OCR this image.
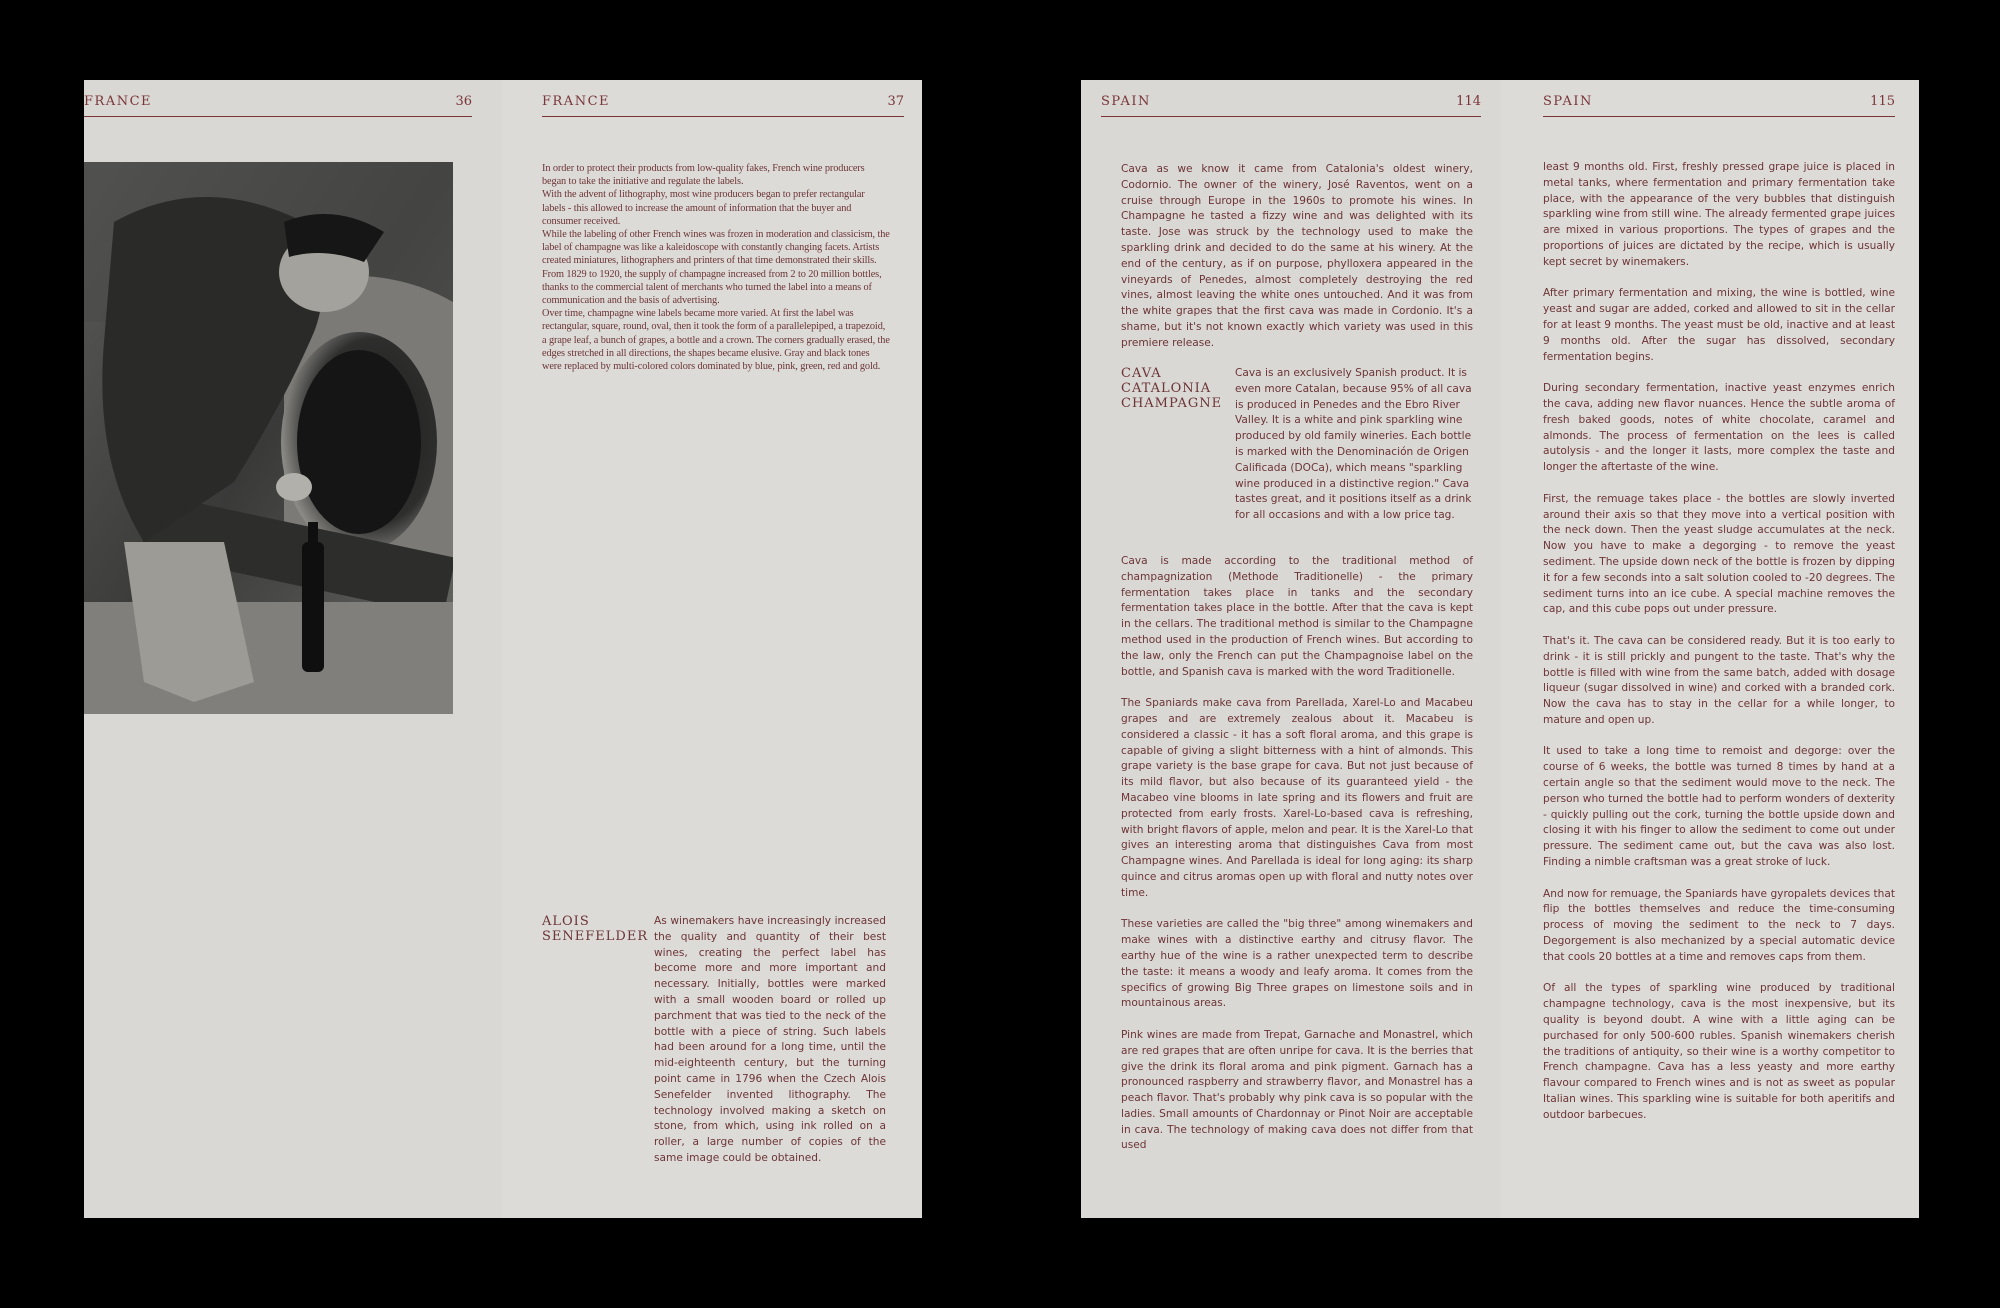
FRANCE	36	FRANCE	37
In order to protect their products from low-quality fakes, French wine producers began to take the initiative and regulate the labels.
With the advent of lithography, most wine producers began to prefer rectangular labels - this allowed to increase the amount of information that the buyer and consumer received.
While the labeling of other French wines was frozen in moderation and classicism, the label of champagne was like a kaleidoscope with constantly changing facets. Artists created miniatures, lithographers and printers of that time demonstrated their skills. From 1829 to 1920, the supply of champagne increased from 2 to 20 million bottles, thanks to the commercial talent of merchants who turned the label into a means of communication and the basis of advertising.
Over time, champagne wine labels became more varied. At first the label was rectangular, square, round, oval, then it took the form of a parallelepiped, a trapezoid, a grape leaf, a bunch of grapes, a bottle and a crown. The corners gradually erased, the edges stretched in all directions, the shapes became elusive. Gray and black tones were replaced by multi-colored colors dominated by blue, pink, green, red and gold.
ALOIS
SENEFELDER
As winemakers have increasingly increased the quality and quantity of their best wines, creating the perfect label has become more and more important and necessary. Initially, bottles were marked with a small wooden board or rolled up parchment that was tied to the neck of the bottle with a piece of string. Such labels had been around for a long time, until the mid-eighteenth century, but the turning point came in 1796 when the Czech Alois Senefelder invented lithography. The technology involved making a sketch on stone, from which, using ink rolled on a roller, a large number of copies of the same image could be obtained.
SPAIN	114

Cava as we know it came from Catalonia's oldest winery, Codornio. The owner of the winery, José Raventos, went on a cruise through Europe in the 1960s to promote his wines. In Champagne he tasted a fizzy wine and was delighted with its taste. Jose was struck by the technology used to make the sparkling drink and decided to do the same at his winery. At the end of the century, as if on purpose, phylloxera appeared in the vineyards of Penedes, almost completely destroying the red vines, almost leaving the white ones untouched. And it was from the white grapes that the first cava was made in Cordonio. It's a shame, but it's not known exactly which variety was used in this premiere release.

CAVA
CATALONIA
CHAMPAGNE
Cava is an exclusively Spanish product. It is even more Catalan, because 95% of all cava is produced in Penedes and the Ebro River Valley. It is a white and pink sparkling wine produced by old family wineries. Each bottle is marked with the Denominación de Origen Calificada (DOCa), which means "sparkling wine produced in a distinctive region." Cava tastes great, and it positions itself as a drink for all occasions and with a low price tag.

Cava is made according to the traditional method of champagnization (Methode Traditionelle) - the primary fermentation takes place in tanks and the secondary fermentation takes place in the bottle. After that the cava is kept in the cellars. The traditional method is similar to the Champagne method used in the production of French wines. But according to the law, only the French can put the Champagnoise label on the bottle, and Spanish cava is marked with the word Traditionelle.

The Spaniards make cava from Parellada, Xarel-Lo and Macabeu grapes and are extremely zealous about it. Macabeu is considered a classic - it has a soft floral aroma, and this grape is capable of giving a slight bitterness with a hint of almonds. This grape variety is the base grape for cava. But not just because of its mild flavor, but also because of its guaranteed yield - the Macabeo vine blooms in late spring and its flowers and fruit are protected from early frosts. Xarel-Lo-based cava is refreshing, with bright flavors of apple, melon and pear. It is the Xarel-Lo that gives an interesting aroma that distinguishes Cava from most Champagne wines. And Parellada is ideal for long aging: its sharp quince and citrus aromas open up with floral and nutty notes over time.

These varieties are called the "big three" among winemakers and make wines with a distinctive earthy and citrusy flavor. The earthy hue of the wine is a rather unexpected term to describe the taste: it means a woody and leafy aroma. It comes from the specifics of growing Big Three grapes on limestone soils and in mountainous areas.

Pink wines are made from Trepat, Garnache and Monastrel, which are red grapes that are often unripe for cava. It is the berries that give the drink its floral aroma and pink pigment. Garnach has a pronounced raspberry and strawberry flavor, and Monastrel has a peach flavor. That's probably why pink cava is so popular with the ladies. Small amounts of Chardonnay or Pinot Noir are acceptable in cava. The technology of making cava does not differ from that used

SPAIN	115

least 9 months old. First, freshly pressed grape juice is placed in metal tanks, where fermentation and primary fermentation take place, with the appearance of the very bubbles that distinguish sparkling wine from still wine. The already fermented grape juices are mixed in various proportions. The types of grapes and the proportions of juices are dictated by the recipe, which is usually kept secret by winemakers.

After primary fermentation and mixing, the wine is bottled, wine yeast and sugar are added, corked and allowed to sit in the cellar for at least 9 months. The yeast must be old, inactive and at least 9 months old. After the sugar has dissolved, secondary fermentation begins.

During secondary fermentation, inactive yeast enzymes enrich the cava, adding new flavor nuances. Hence the subtle aroma of fresh baked goods, notes of white chocolate, caramel and almonds. The process of fermentation on the lees is called autolysis - and the longer it lasts, more complex the taste and longer the aftertaste of the wine.

First, the remuage takes place - the bottles are slowly inverted around their axis so that they move into a vertical position with the neck down. Then the yeast sludge accumulates at the neck. Now you have to make a degorging - to remove the yeast sediment. The upside down neck of the bottle is frozen by dipping it for a few seconds into a salt solution cooled to -20 degrees. The sediment turns into an ice cube. A special machine removes the cap, and this cube pops out under pressure.

That's it. The cava can be considered ready. But it is too early to drink - it is still prickly and pungent to the taste. That's why the bottle is filled with wine from the same batch, added with dosage liqueur (sugar dissolved in wine) and corked with a branded cork. Now the cava has to stay in the cellar for a while longer, to mature and open up.

It used to take a long time to remoist and degorge: over the course of 6 weeks, the bottle was turned 8 times by hand at a certain angle so that the sediment would move to the neck. The person who turned the bottle had to perform wonders of dexterity - quickly pulling out the cork, turning the bottle upside down and closing it with his finger to allow the sediment to come out under pressure. The sediment came out, but the cava was also lost. Finding a nimble craftsman was a great stroke of luck.

And now for remuage, the Spaniards have gyropalets devices that flip the bottles themselves and reduce the time-consuming process of moving the sediment to the neck to 7 days. Degorgement is also mechanized by a special automatic device that cools 20 bottles at a time and removes caps from them.

Of all the types of sparkling wine produced by traditional champagne technology, cava is the most inexpensive, but its quality is beyond doubt. A wine with a little aging can be purchased for only 500-600 rubles. Spanish winemakers cherish the traditions of antiquity, so their wine is a worthy competitor to French champagne. Cava has a less yeasty and more earthy flavour compared to French wines and is not as sweet as popular Italian wines. This sparkling wine is suitable for both aperitifs and outdoor barbecues.
